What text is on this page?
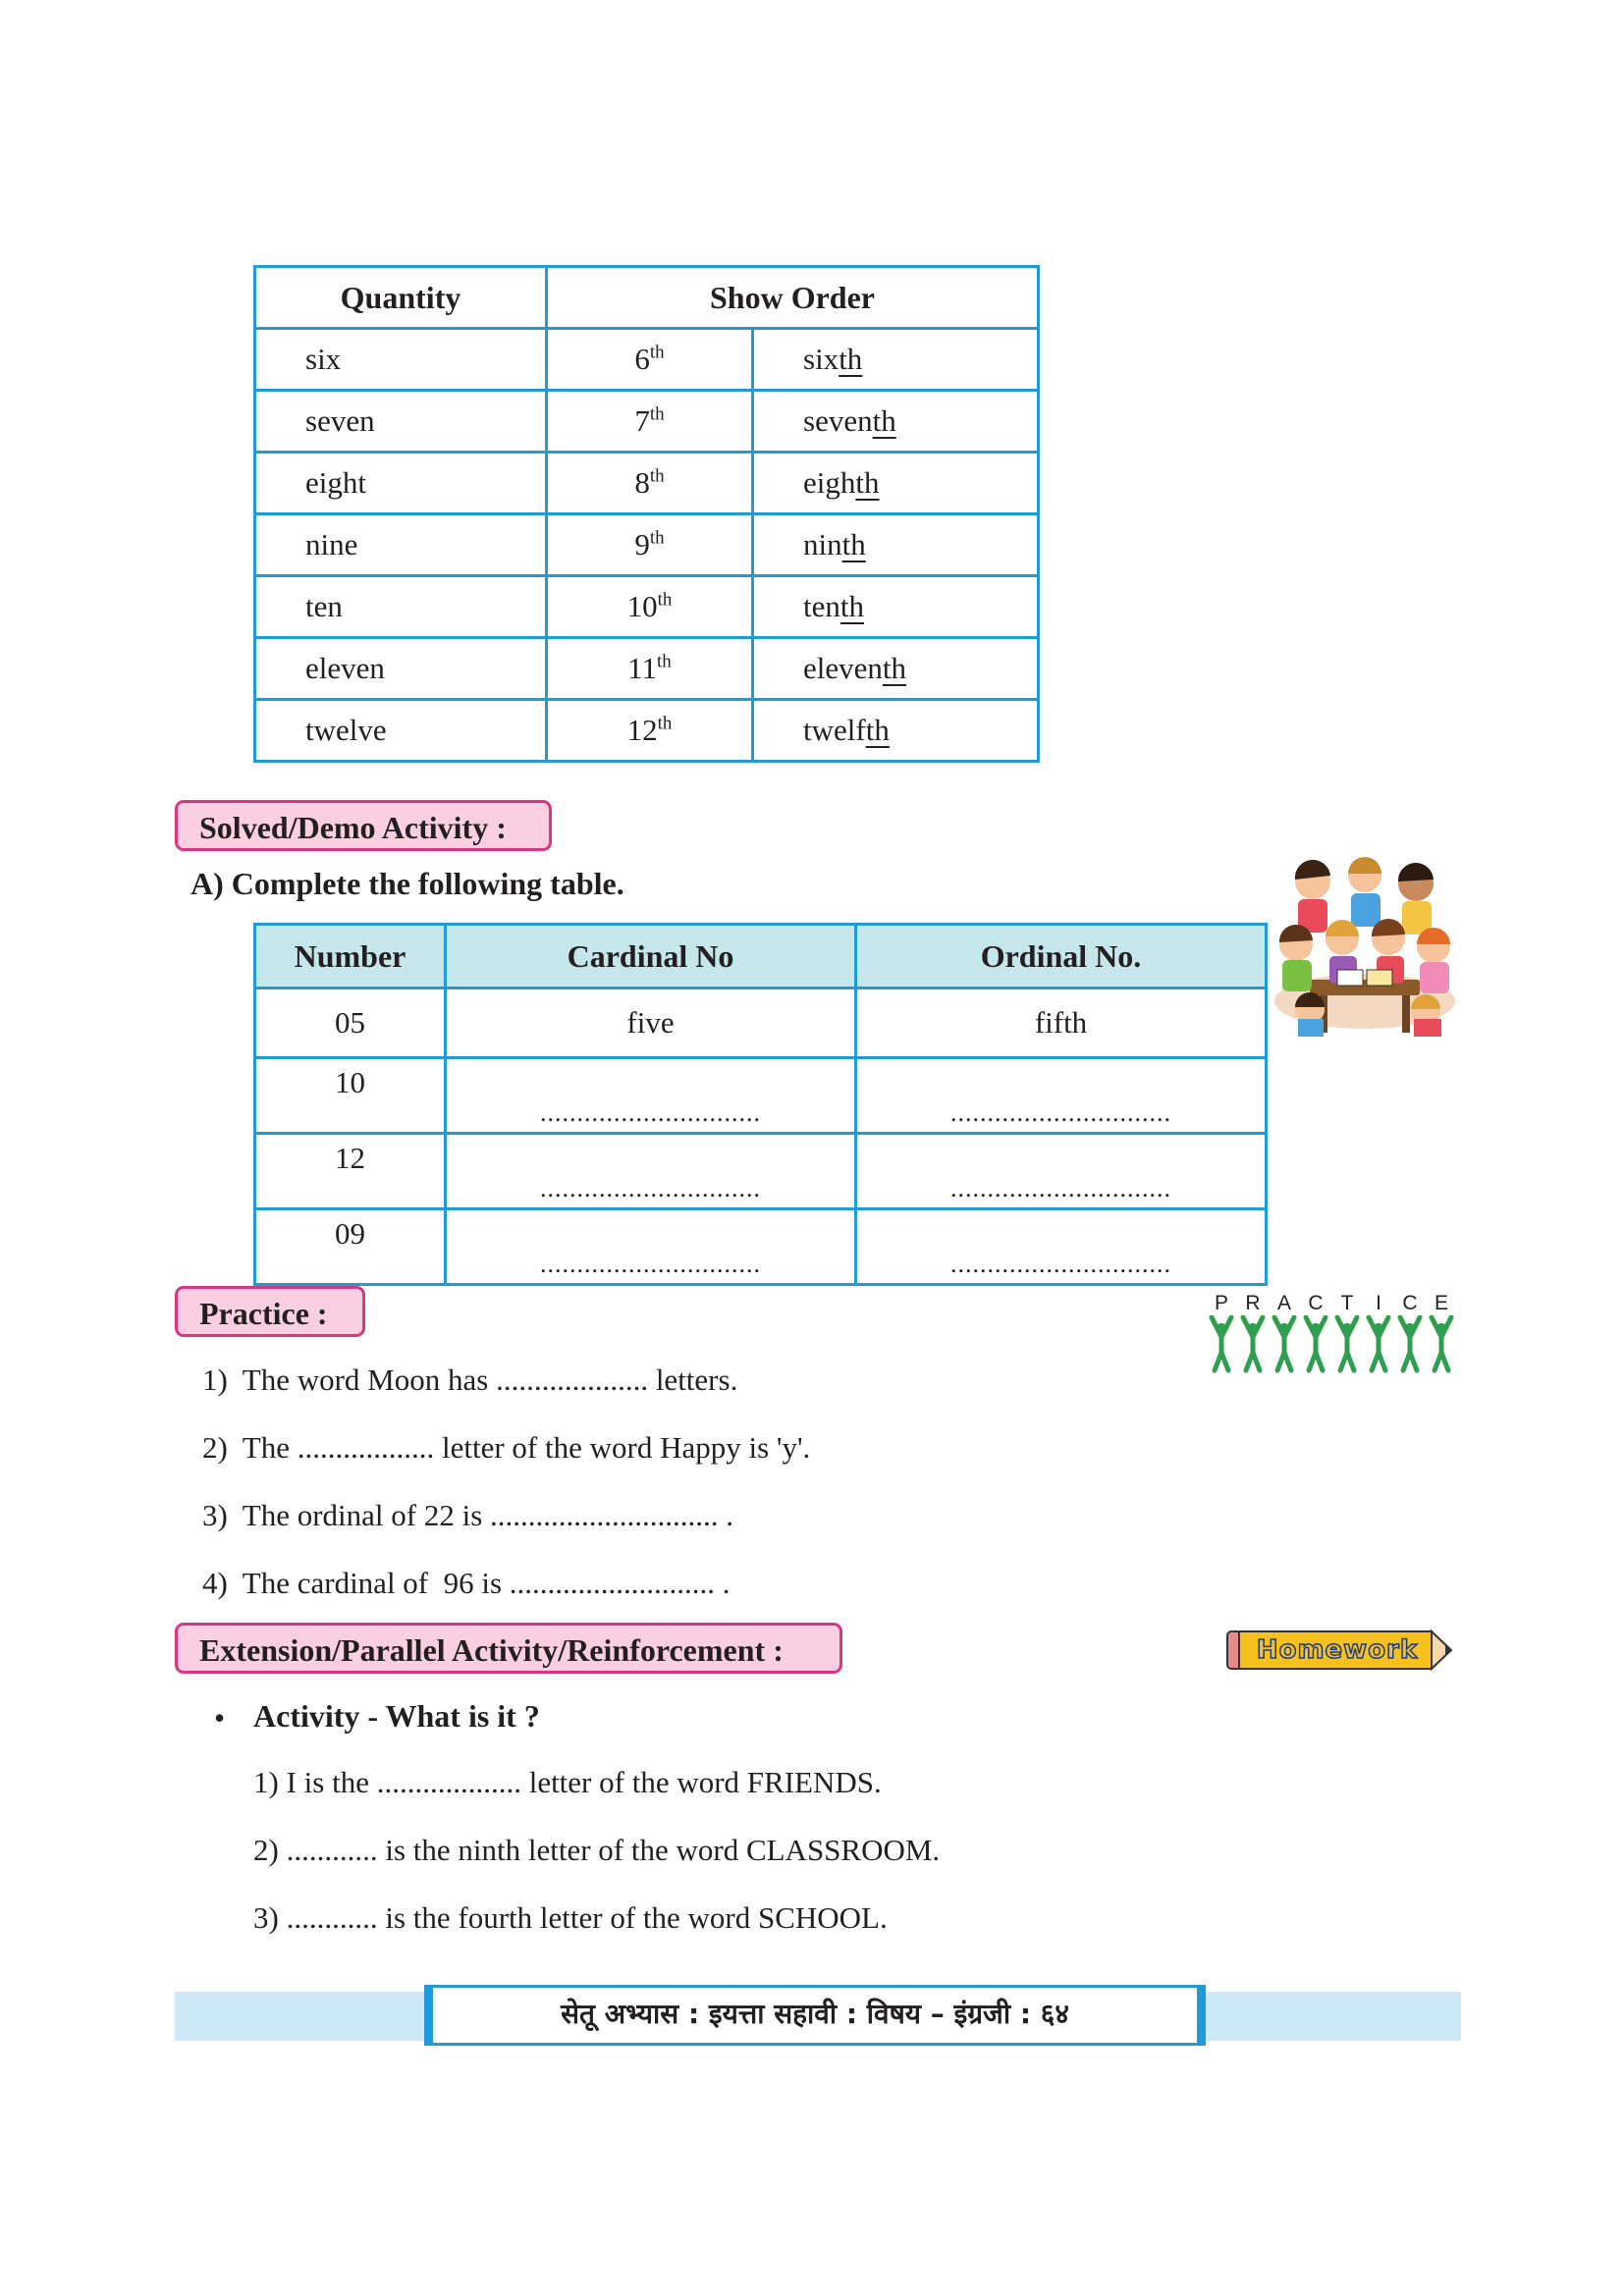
Quantity	Show Order	
six	6th	sixth
seven	7th	seventh
eight	8th	eighth
nine	9th	ninth
ten	10th	tenth
eleven	11th	eleventh
twelve	12th	twelfth
Solved/Demo Activity :
A) Complete the following table.
Number	Cardinal No	Ordinal No.
05	five	fifth
10	..............................	..............................

12	..............................	..............................

09	..............................	..............................
Practice :	P R A C T	I	C E
1) The word Moon has .................... letters.
2) The .................. letter of the word Happy is 'y'.
3) The ordinal of 22 is .............................. .
4) The cardinal of  96 is ........................... .
Extension/Parallel Activity/Reinforcement :	Homework
• Activity - What is it ?
1) I is the ................... letter of the word FRIENDS.
2) ............ is the ninth letter of the word CLASSROOM.
3) ............ is the fourth letter of the word SCHOOL.
सेतू अभ्यास : इयत्ता सहावी : विषय – इंग्रजी : ६४
